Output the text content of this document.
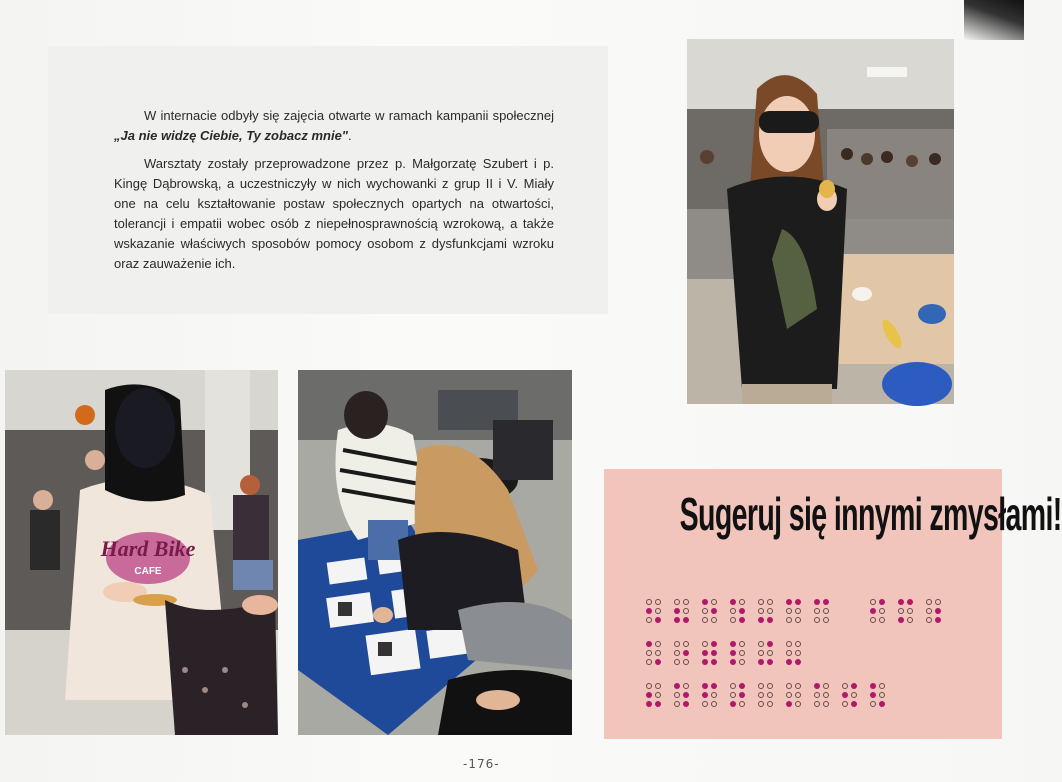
W internacie odbyły się zajęcia otwarte w ramach kampanii społecznej „Ja nie widzę Ciebie, Ty zobacz mnie".

Warsztaty zostały przeprowadzone przez p. Małgorzatę Szubert i p. Kingę Dąbrowską, a uczestniczyły w nich wychowanki z grup II i V. Miały one na celu kształtowanie postaw społecznych opartych na otwartości, tolerancji i empatii wobec osób z niepełnosprawnością wzrokową, a także wskazanie właściwych sposobów pomocy osobom z dysfunkcjami wzroku oraz zauważenie ich.

Hard Bike
CAFE
Sugeruj się innymi zmysłami!
-176-
